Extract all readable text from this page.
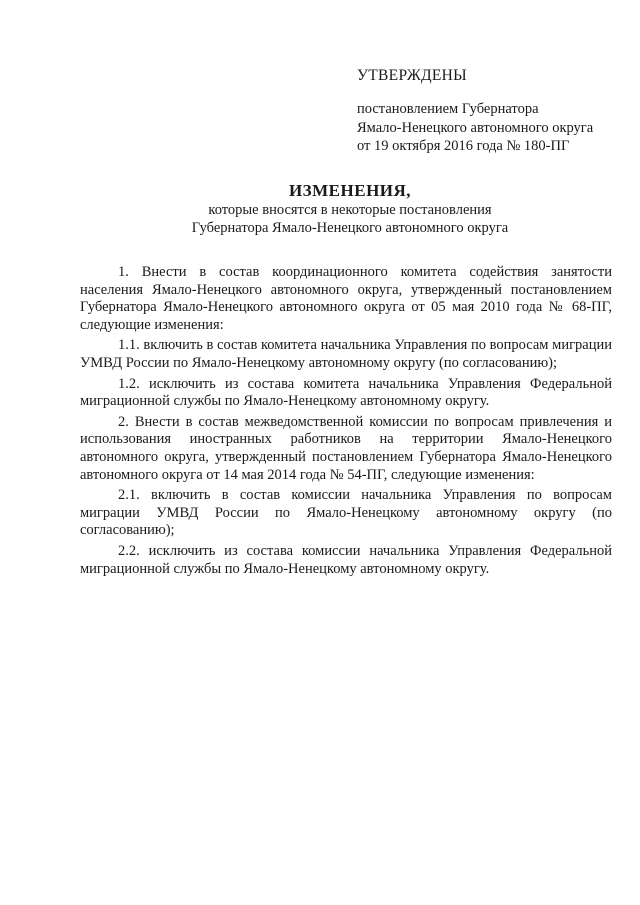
УТВЕРЖДЕНЫ
постановлением Губернатора
Ямало-Ненецкого автономного округа
от 19 октября 2016 года № 180-ПГ
ИЗМЕНЕНИЯ,
которые вносятся в некоторые постановления
Губернатора Ямало-Ненецкого автономного округа

1. Внести в состав координационного комитета содействия занятости населения Ямало-Ненецкого автономного округа, утвержденный постановлением Губернатора Ямало-Ненецкого автономного округа от 05 мая 2010 года № 68-ПГ, следующие изменения:

1.1. включить в состав комитета начальника Управления по вопросам миграции УМВД России по Ямало-Ненецкому автономному округу (по согласованию);

1.2. исключить из состава комитета начальника Управления Федеральной миграционной службы по Ямало-Ненецкому автономному округу.

2. Внести в состав межведомственной комиссии по вопросам привлечения и использования иностранных работников на территории Ямало-Ненецкого автономного округа, утвержденный постановлением Губернатора Ямало-Ненецкого автономного округа от 14 мая 2014 года № 54-ПГ, следующие изменения:

2.1. включить в состав комиссии начальника Управления по вопросам миграции УМВД России по Ямало-Ненецкому автономному округу (по согласованию);

2.2. исключить из состава комиссии начальника Управления Федеральной миграционной службы по Ямало-Ненецкому автономному округу.
